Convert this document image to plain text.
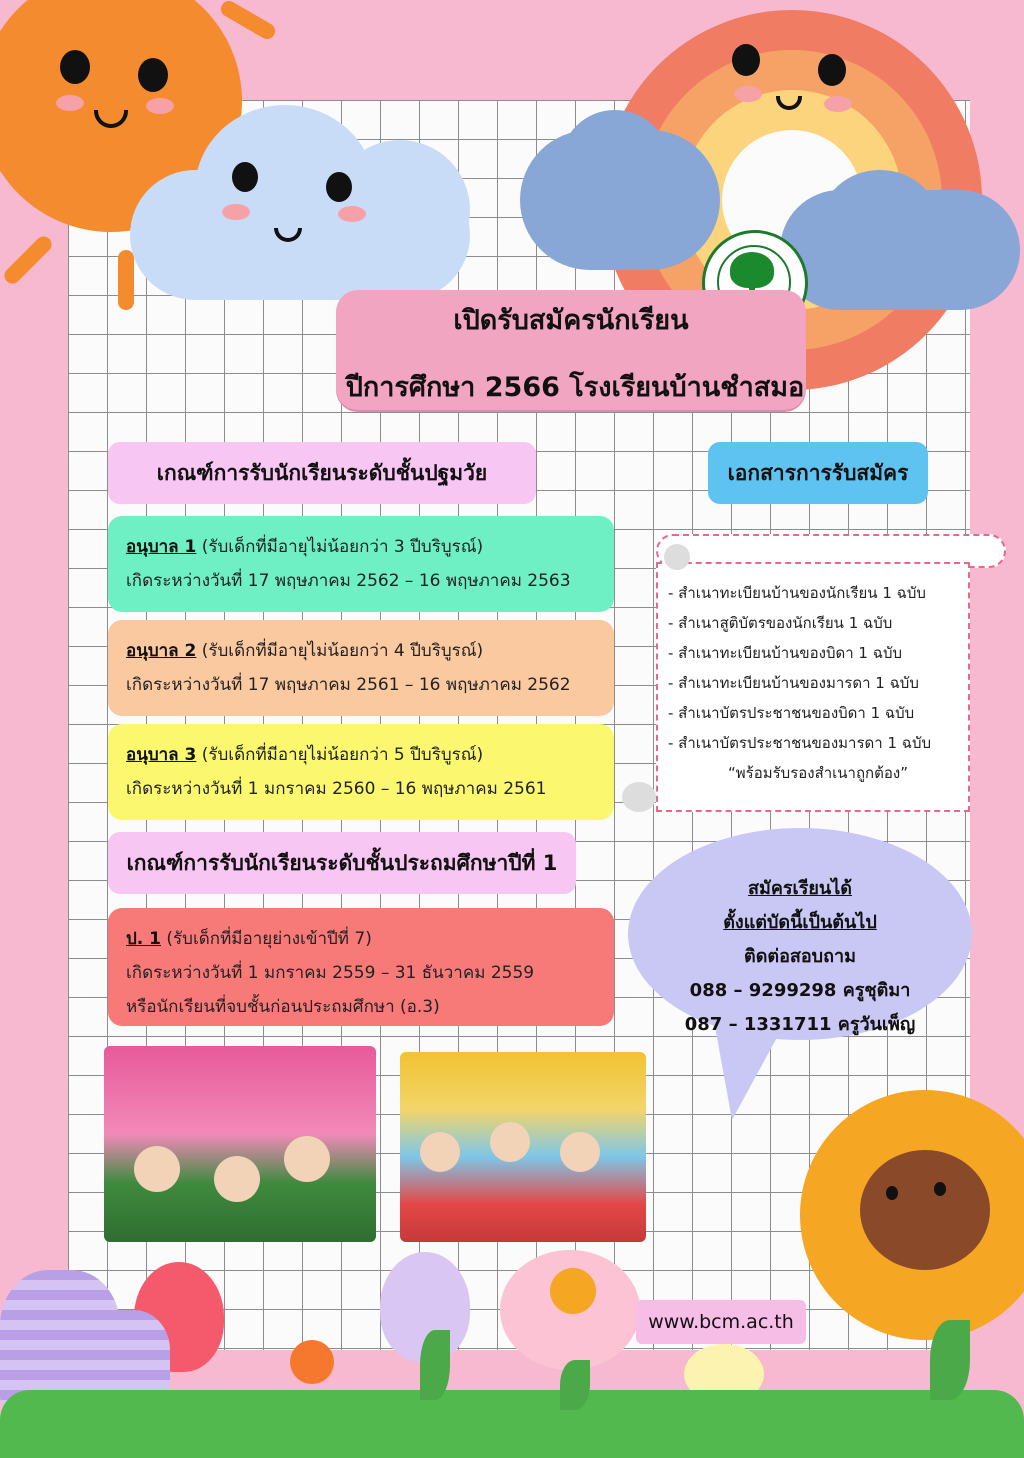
เปิดรับสมัครนักเรียน
ปีการศึกษา 2566 โรงเรียนบ้านชำสมอ
เกณฑ์การรับนักเรียนระดับชั้นปฐมวัย	เอกสารการรับสมัคร
อนุบาล 1 (รับเด็กที่มีอายุไม่น้อยกว่า 3 ปีบริบูรณ์)
เกิดระหว่างวันที่ 17 พฤษภาคม 2562 – 16 พฤษภาคม 2563
อนุบาล 2 (รับเด็กที่มีอายุไม่น้อยกว่า 4 ปีบริบูรณ์)
เกิดระหว่างวันที่ 17 พฤษภาคม 2561 – 16 พฤษภาคม 2562
อนุบาล 3 (รับเด็กที่มีอายุไม่น้อยกว่า 5 ปีบริบูรณ์)
เกิดระหว่างวันที่ 1 มกราคม 2560 – 16 พฤษภาคม 2561
เกณฑ์การรับนักเรียนระดับชั้นประถมศึกษาปีที่ 1
ป. 1 (รับเด็กที่มีอายุย่างเข้าปีที่ 7)
เกิดระหว่างวันที่ 1 มกราคม 2559 – 31 ธันวาคม 2559
หรือนักเรียนที่จบชั้นก่อนประถมศึกษา (อ.3)
- สำเนาทะเบียนบ้านของนักเรียน 1 ฉบับ
- สำเนาสูติบัตรของนักเรียน 1 ฉบับ
- สำเนาทะเบียนบ้านของบิดา 1 ฉบับ
- สำเนาทะเบียนบ้านของมารดา 1 ฉบับ
- สำเนาบัตรประชาชนของบิดา 1 ฉบับ
- สำเนาบัตรประชาชนของมารดา 1 ฉบับ
“พร้อมรับรองสำเนาถูกต้อง”
สมัครเรียนได้
ตั้งแต่บัดนี้เป็นต้นไป
ติดต่อสอบถาม
088 – 9299298 ครูชุติมา
087 – 1331711 ครูวันเพ็ญ
www.bcm.ac.th
